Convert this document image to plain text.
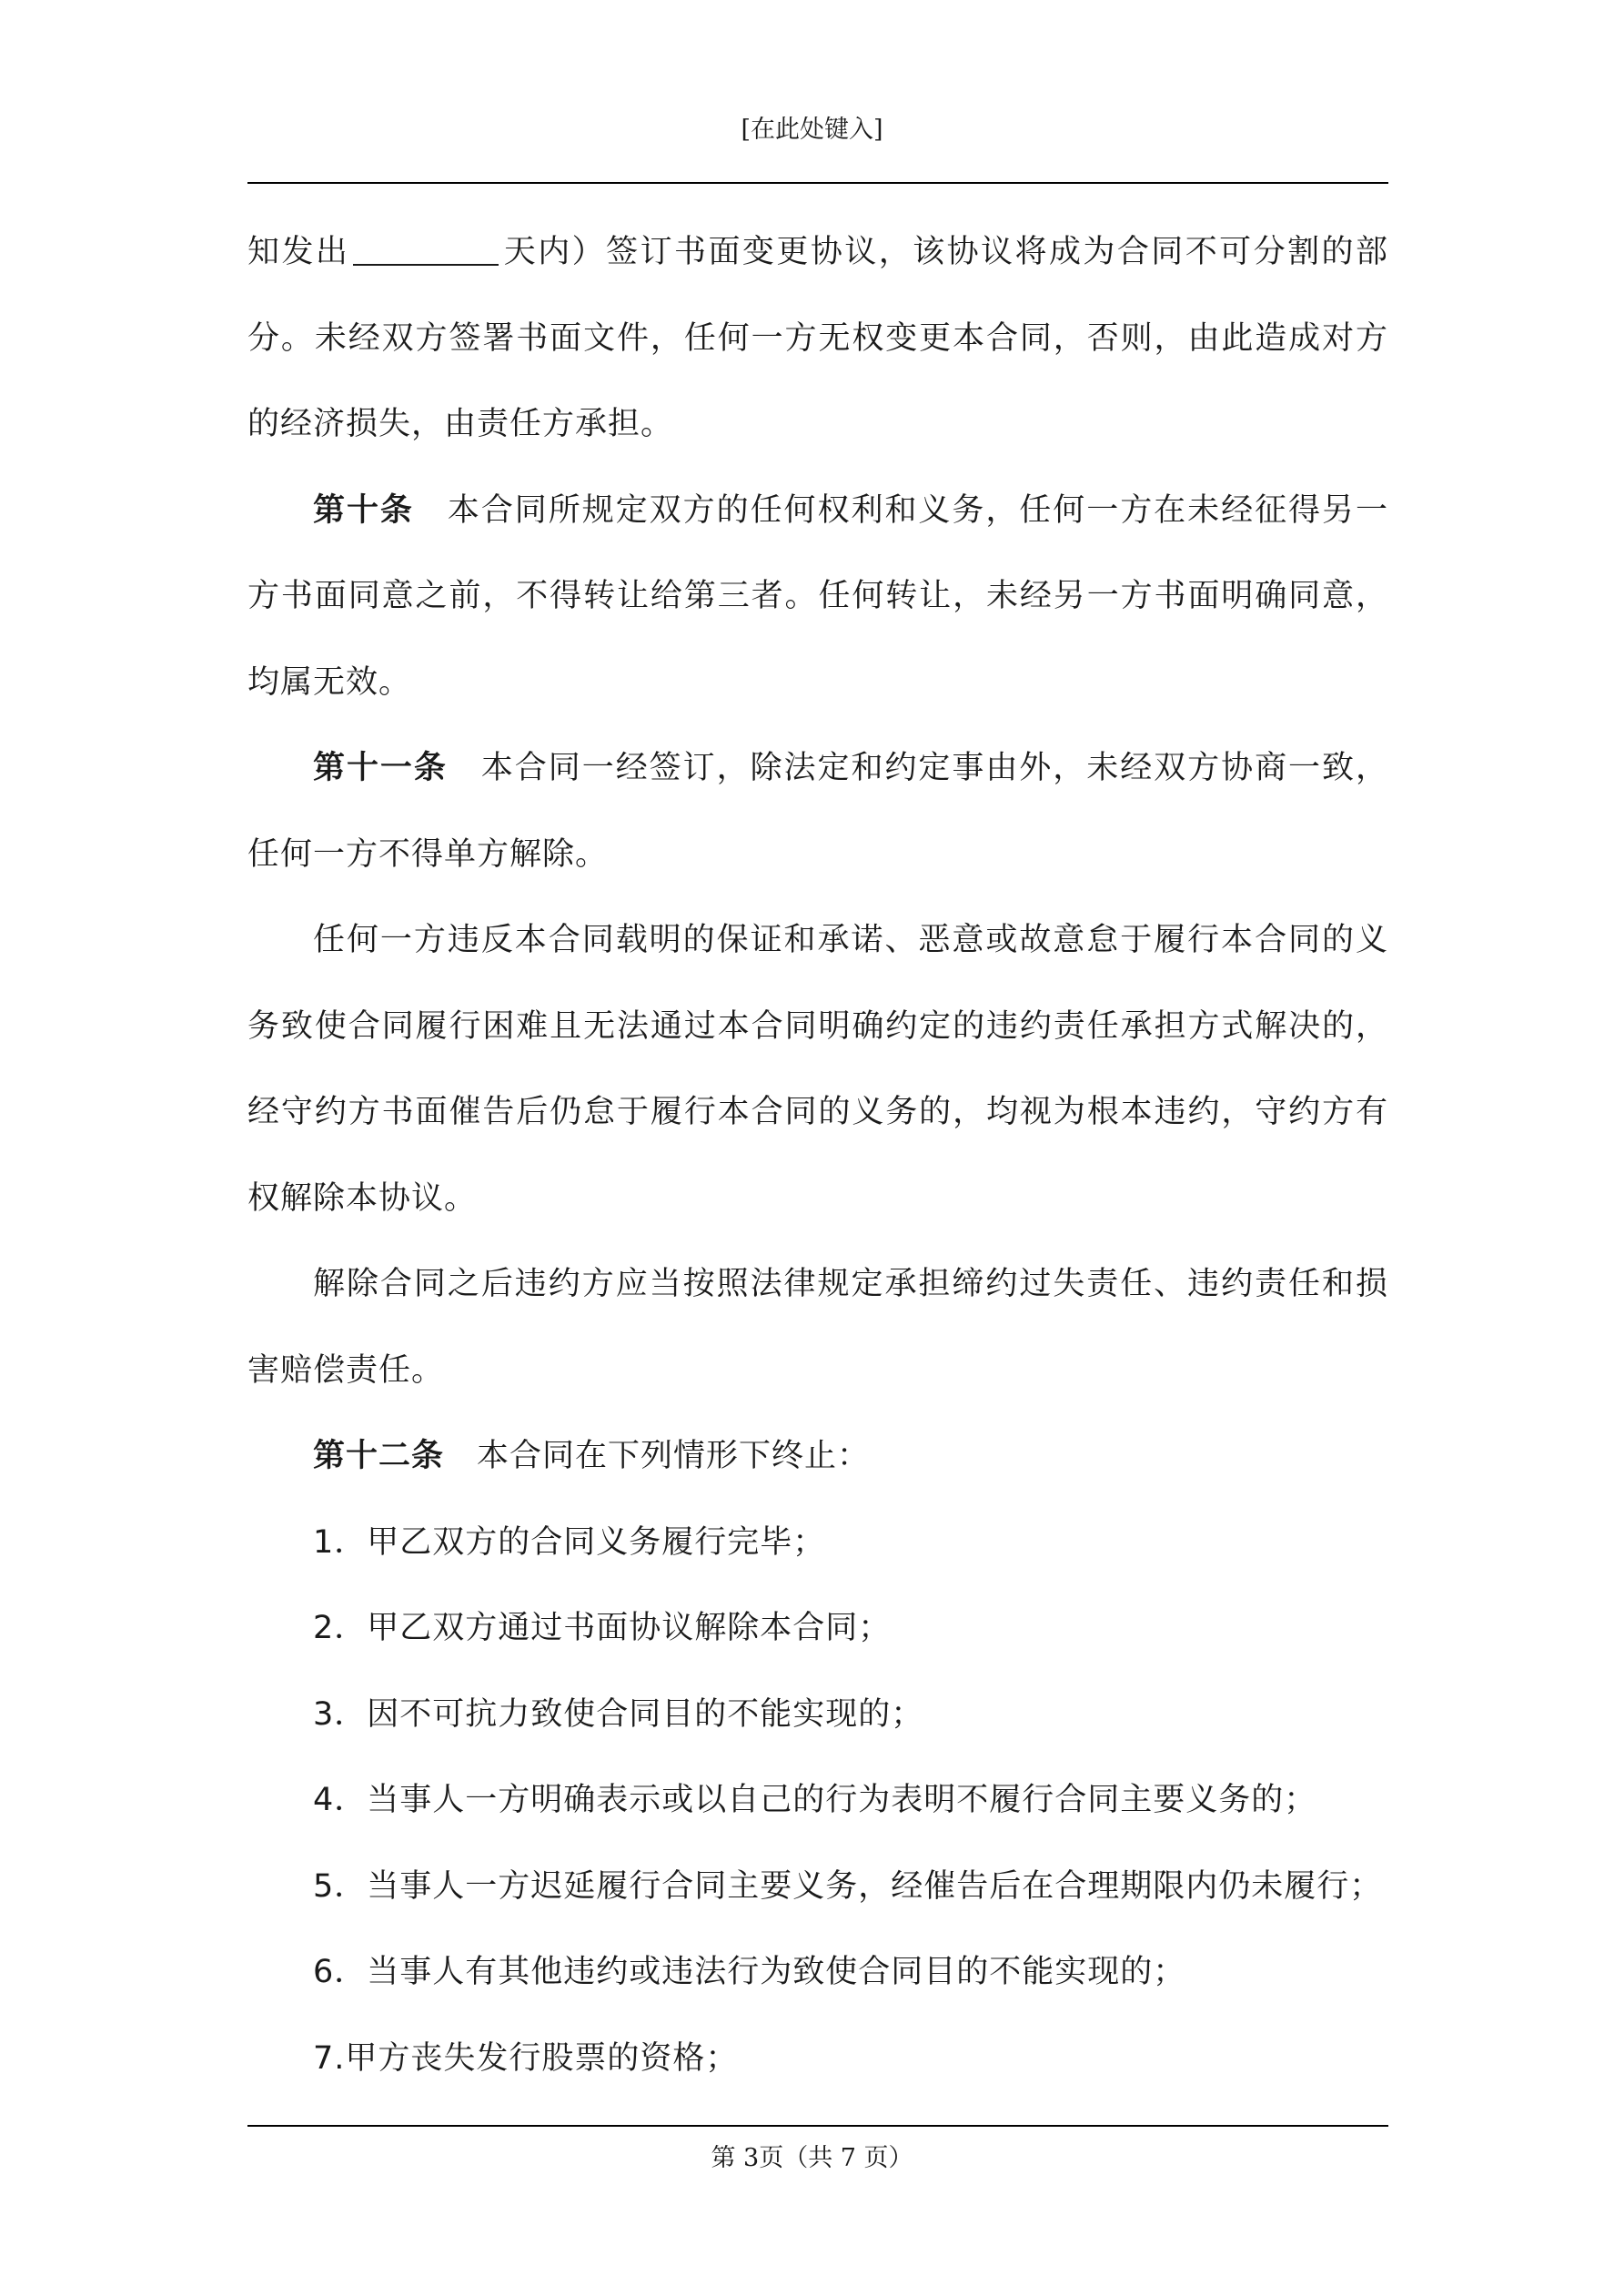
[在此处键入]

知发出	天内）签订书面变更协议，该协议将成为合同不可分割的部分。未经双方签署书面文件，任何一方无权变更本合同，否则，由此造成对方的经济损失，由责任方承担。

第十条 本合同所规定双方的任何权利和义务，任何一方在未经征得另一方书面同意之前，不得转让给第三者。任何转让，未经另一方书面明确同意，均属无效。

第十一条 本合同一经签订，除法定和约定事由外，未经双方协商一致，任何一方不得单方解除。

任何一方违反本合同载明的保证和承诺、恶意或故意怠于履行本合同的义务致使合同履行困难且无法通过本合同明确约定的违约责任承担方式解决的，经守约方书面催告后仍怠于履行本合同的义务的，均视为根本违约，守约方有权解除本协议。

解除合同之后违约方应当按照法律规定承担缔约过失责任、违约责任和损害赔偿责任。

第十二条 本合同在下列情形下终止：

1．甲乙双方的合同义务履行完毕；

2．甲乙双方通过书面协议解除本合同；

3．因不可抗力致使合同目的不能实现的；

4．当事人一方明确表示或以自己的行为表明不履行合同主要义务的；

5．当事人一方迟延履行合同主要义务，经催告后在合理期限内仍未履行；

6．当事人有其他违约或违法行为致使合同目的不能实现的；

7.甲方丧失发行股票的资格；

第 3页（共 7 页）
